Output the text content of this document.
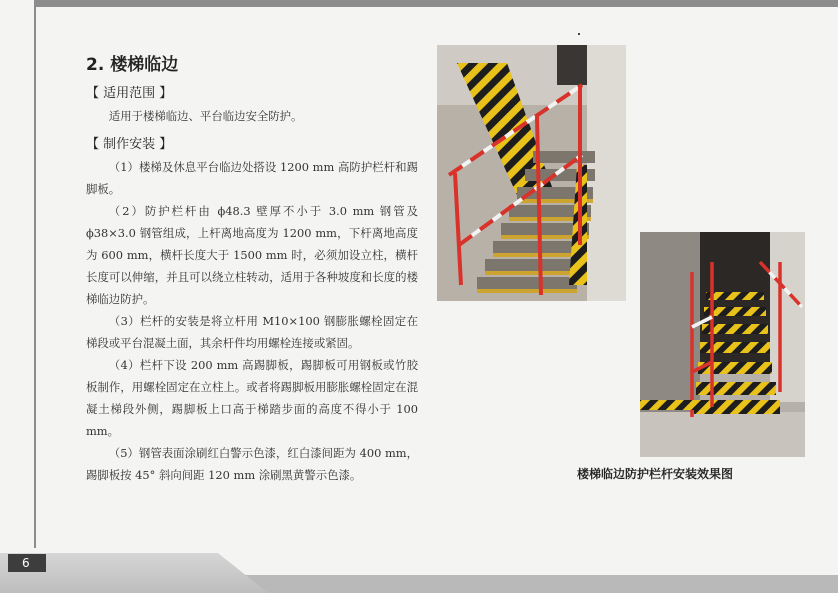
2. 楼梯临边
【 适用范围 】

适用于楼梯临边、平台临边安全防护。

【 制作安装 】

（1）楼梯及休息平台临边处搭设 1200 mm 高防护栏杆和踢脚板。

（2）防护栏杆由 ϕ48.3 壁厚不小于 3.0 mm 钢管及 ϕ38×3.0 钢管组成，上杆离地高度为 1200 mm，下杆离地高度为 600 mm，横杆长度大于 1500 mm 时，必须加设立柱，横杆长度可以伸缩，并且可以绕立柱转动，适用于各种坡度和长度的楼梯临边防护。

（3）栏杆的安装是将立杆用 M10×100 钢膨胀螺栓固定在梯段或平台混凝土面，其余杆件均用螺栓连接或紧固。

（4）栏杆下设 200 mm 高踢脚板，踢脚板可用钢板或竹胶板制作，用螺栓固定在立柱上。或者将踢脚板用膨胀螺栓固定在混凝土梯段外侧，踢脚板上口高于梯踏步面的高度不得小于 100 mm。

（5）钢管表面涂刷红白警示色漆，红白漆间距为 400 mm，踢脚板按 45° 斜向间距 120 mm 涂刷黑黄警示色漆。	楼梯临边防护栏杆安装效果图
6
